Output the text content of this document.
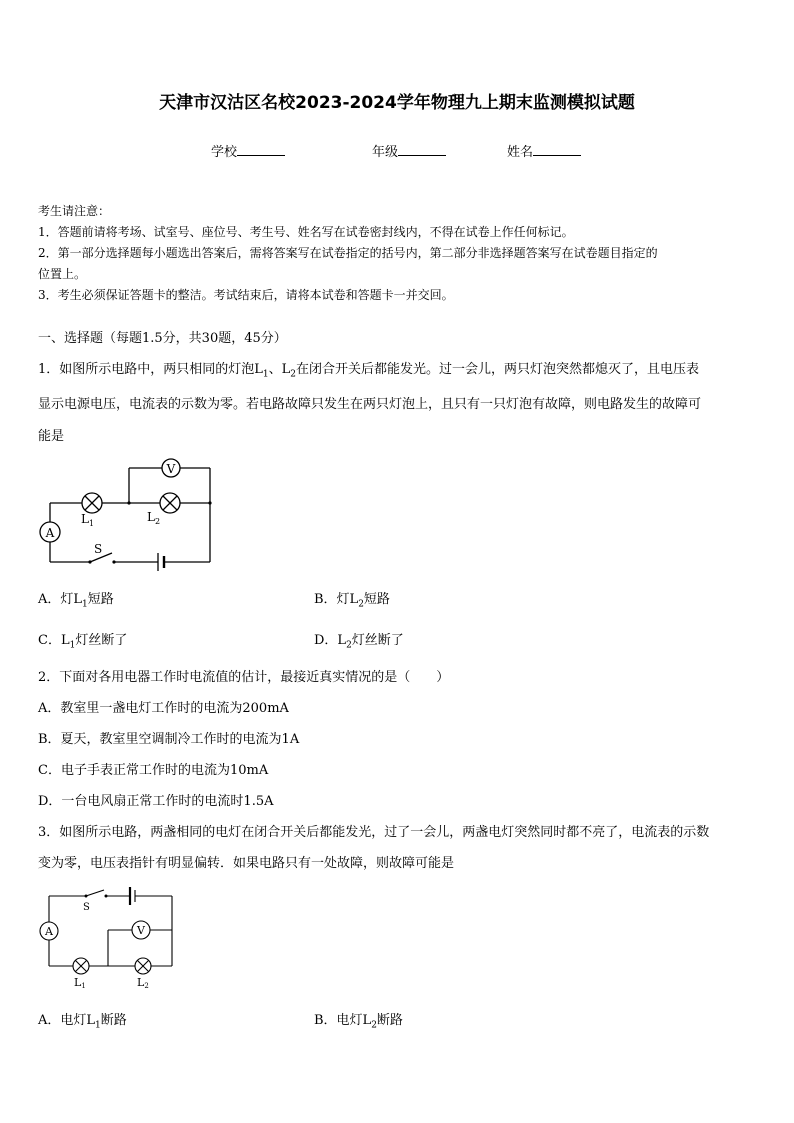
天津市汉沽区名校2023-2024学年物理九上期末监测模拟试题
学校	年级	姓名
考生请注意：
1．答题前请将考场、试室号、座位号、考生号、姓名写在试卷密封线内，不得在试卷上作任何标记。
2．第一部分选择题每小题选出答案后，需将答案写在试卷指定的括号内，第二部分非选择题答案写在试卷题目指定的
位置上。
3．考生必须保证答题卡的整洁。考试结束后，请将本试卷和答题卡一并交回。
一、选择题（每题1.5分，共30题，45分）
1．如图所示电路中，两只相同的灯泡$L_1$、$L_2$在闭合开关后都能发光。过一会儿，两只灯泡突然都熄灭了，且电压表
显示电源电压，电流表的示数为零。若电路故障只发生在两只灯泡上，且只有一只灯泡有故障，则电路发生的故障可
能是
V
A
$L_1$	$L_2$
S
A．灯$L_1$短路	B．灯$L_2$短路
C．$L_1$灯丝断了	D．$L_2$灯丝断了
2．下面对各用电器工作时电流值的估计，最接近真实情况的是（　　）
A．教室里一盏电灯工作时的电流为200mA
B．夏天，教室里空调制冷工作时的电流为1A
C．电子手表正常工作时的电流为10mA
D．一台电风扇正常工作时的电流时1.5A
3．如图所示电路，两盏相同的电灯在闭合开关后都能发光，过了一会儿，两盏电灯突然同时都不亮了，电流表的示数
变为零，电压表指针有明显偏转．如果电路只有一处故障，则故障可能是
A	V
S
L1	L2
A．电灯$L_1$断路	B．电灯$L_2$断路
